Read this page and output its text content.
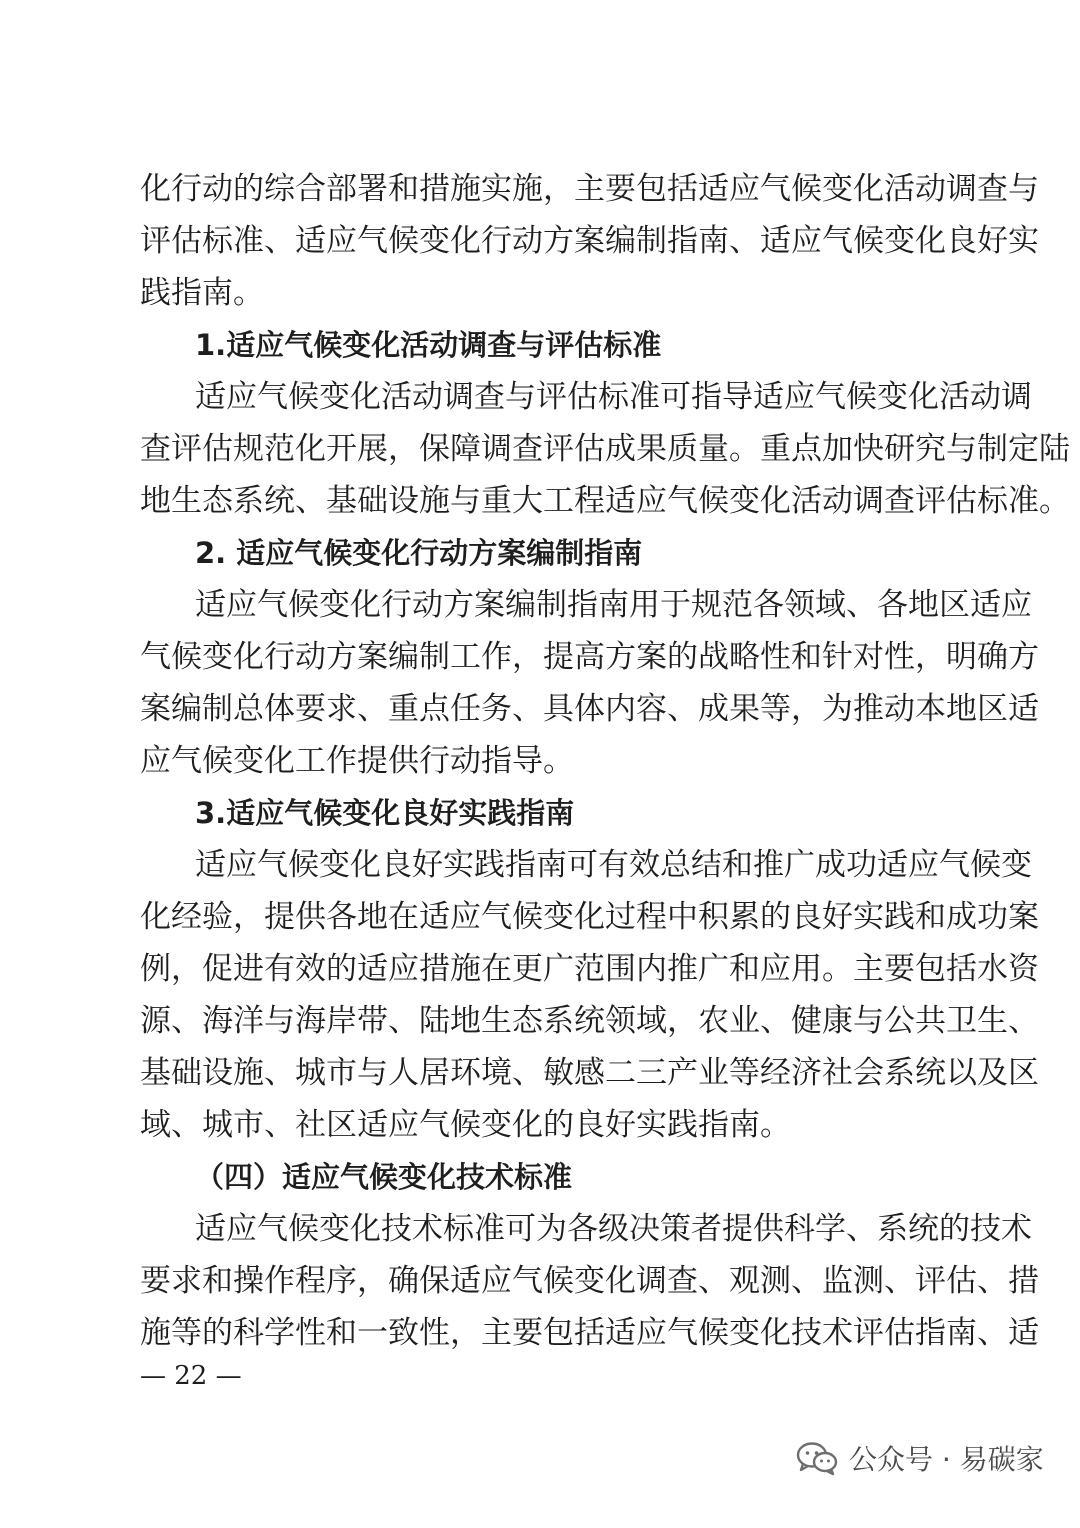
化行动的综合部署和措施实施，主要包括适应气候变化活动调查与
评估标准、适应气候变化行动方案编制指南、适应气候变化良好实
践指南。
1.适应气候变化活动调查与评估标准
适应气候变化活动调查与评估标准可指导适应气候变化活动调
查评估规范化开展，保障调查评估成果质量。重点加快研究与制定陆
地生态系统、基础设施与重大工程适应气候变化活动调查评估标准。
2. 适应气候变化行动方案编制指南
适应气候变化行动方案编制指南用于规范各领域、各地区适应
气候变化行动方案编制工作，提高方案的战略性和针对性，明确方
案编制总体要求、重点任务、具体内容、成果等，为推动本地区适
应气候变化工作提供行动指导。
3.适应气候变化良好实践指南
适应气候变化良好实践指南可有效总结和推广成功适应气候变
化经验，提供各地在适应气候变化过程中积累的良好实践和成功案
例，促进有效的适应措施在更广范围内推广和应用。主要包括水资
源、海洋与海岸带、陆地生态系统领域，农业、健康与公共卫生、
基础设施、城市与人居环境、敏感二三产业等经济社会系统以及区
域、城市、社区适应气候变化的良好实践指南。
（四）适应气候变化技术标准
适应气候变化技术标准可为各级决策者提供科学、系统的技术
要求和操作程序，确保适应气候变化调查、观测、监测、评估、措
施等的科学性和一致性，主要包括适应气候变化技术评估指南、适
— 22 —
公众号 · 易碳家
